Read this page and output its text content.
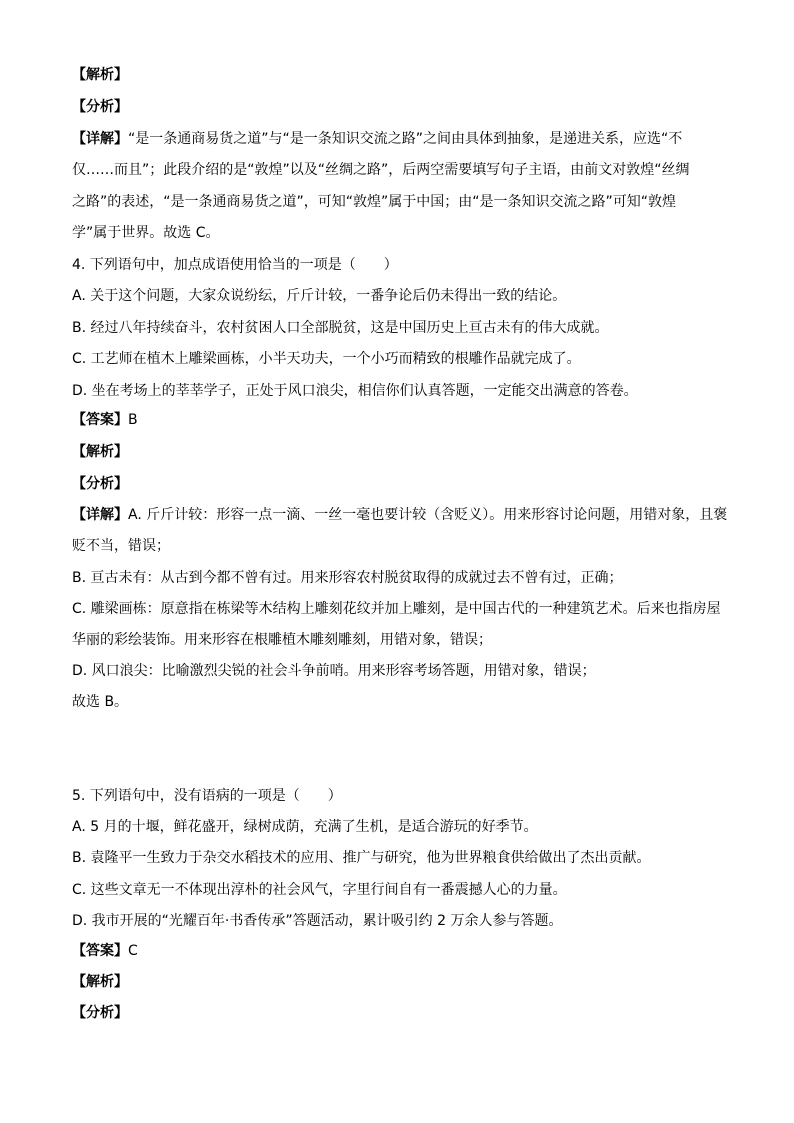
【解析】
【分析】
【详解】“是一条通商易货之道”与“是一条知识交流之路”之间由具体到抽象，是递进关系，应选“不
仅……而且”；此段介绍的是“敦煌”以及“丝绸之路”，后两空需要填写句子主语，由前文对敦煌“丝绸
之路”的表述，“是一条通商易货之道”，可知“敦煌”属于中国；由“是一条知识交流之路”可知“敦煌
学”属于世界。故选 C。
4. 下列语句中，加点成语使用恰当的一项是（　　）
A. 关于这个问题，大家众说纷纭，斤斤计较，一番争论后仍未得出一致的结论。
B. 经过八年持续奋斗，农村贫困人口全部脱贫，这是中国历史上亘古未有的伟大成就。
C. 工艺师在植木上雕梁画栋，小半天功夫，一个小巧而精致的根雕作品就完成了。
D. 坐在考场上的莘莘学子，正处于风口浪尖，相信你们认真答题，一定能交出满意的答卷。
【答案】B
【解析】
【分析】
【详解】A. 斤斤计较：形容一点一滴、一丝一毫也要计较（含贬义）。用来形容讨论问题，用错对象，且褒
贬不当，错误；
B. 亘古未有：从古到今都不曾有过。用来形容农村脱贫取得的成就过去不曾有过，正确；
C. 雕梁画栋：原意指在栋梁等木结构上雕刻花纹并加上雕刻，是中国古代的一种建筑艺术。后来也指房屋
华丽的彩绘装饰。用来形容在根雕植木雕刻雕刻，用错对象，错误；
D. 风口浪尖：比喻激烈尖锐的社会斗争前哨。用来形容考场答题，用错对象，错误；
故选 B。
5. 下列语句中，没有语病的一项是（　　）
A. 5 月的十堰，鲜花盛开，绿树成荫，充满了生机，是适合游玩的好季节。
B. 袁隆平一生致力于杂交水稻技术的应用、推广与研究，他为世界粮食供给做出了杰出贡献。
C. 这些文章无一不体现出淳朴的社会风气，字里行间自有一番震撼人心的力量。
D. 我市开展的“光耀百年·书香传承”答题活动，累计吸引约 2 万余人参与答题。
【答案】C
【解析】
【分析】
